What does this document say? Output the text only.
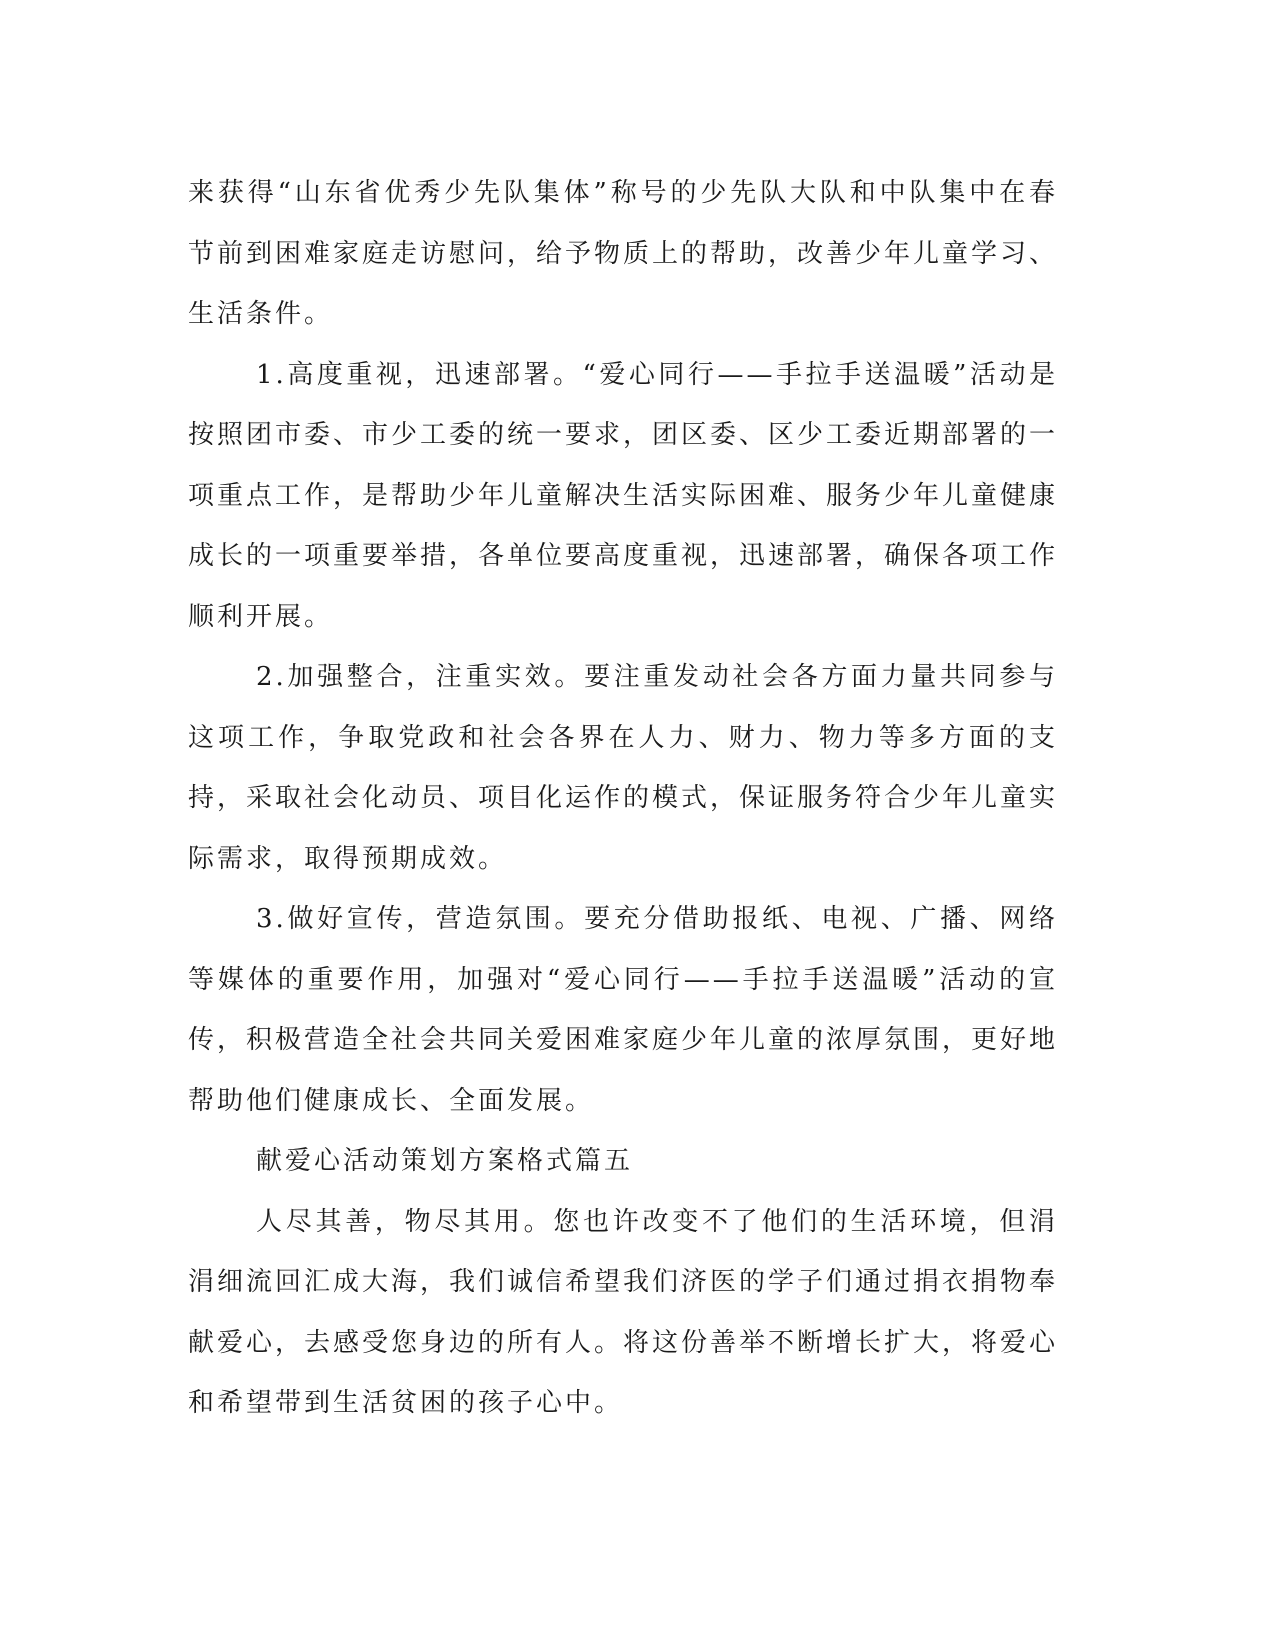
来获得“山东省优秀少先队集体”称号的少先队大队和中队集中在春节前到困难家庭走访慰问，给予物质上的帮助，改善少年儿童学习、生活条件。

1.高度重视，迅速部署。“爱心同行——手拉手送温暖”活动是按照团市委、市少工委的统一要求，团区委、区少工委近期部署的一项重点工作，是帮助少年儿童解决生活实际困难、服务少年儿童健康成长的一项重要举措，各单位要高度重视，迅速部署，确保各项工作顺利开展。

2.加强整合，注重实效。要注重发动社会各方面力量共同参与这项工作，争取党政和社会各界在人力、财力、物力等多方面的支持，采取社会化动员、项目化运作的模式，保证服务符合少年儿童实际需求，取得预期成效。

3.做好宣传，营造氛围。要充分借助报纸、电视、广播、网络等媒体的重要作用，加强对“爱心同行——手拉手送温暖”活动的宣传，积极营造全社会共同关爱困难家庭少年儿童的浓厚氛围，更好地帮助他们健康成长、全面发展。

献爱心活动策划方案格式篇五

人尽其善，物尽其用。您也许改变不了他们的生活环境，但涓涓细流回汇成大海，我们诚信希望我们济医的学子们通过捐衣捐物奉献爱心，去感受您身边的所有人。将这份善举不断增长扩大，将爱心和希望带到生活贫困的孩子心中。
